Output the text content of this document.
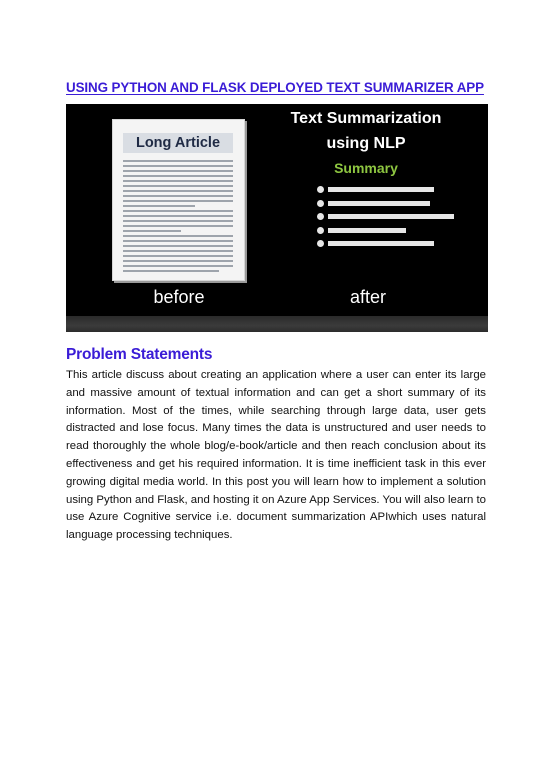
USING PYTHON AND FLASK DEPLOYED TEXT SUMMARIZER APP
Long Article
Text Summarization
using NLP
Summary
before	after
Problem Statements

This article discuss about creating an application where a user can enter its large and massive amount of textual information and can get a short summary of its information. Most of the times, while searching through large data, user gets distracted and lose focus. Many times the data is unstructured and user needs to read thoroughly the whole blog/e-book/article and then reach conclusion about its effectiveness and get his required information. It is time inefficient task in this ever growing digital media world. In this post you will learn how to implement a solution using Python and Flask, and hosting it on Azure App Services. You will also learn to use Azure Cognitive service i.e. document summarization APIwhich uses natural language processing techniques.
